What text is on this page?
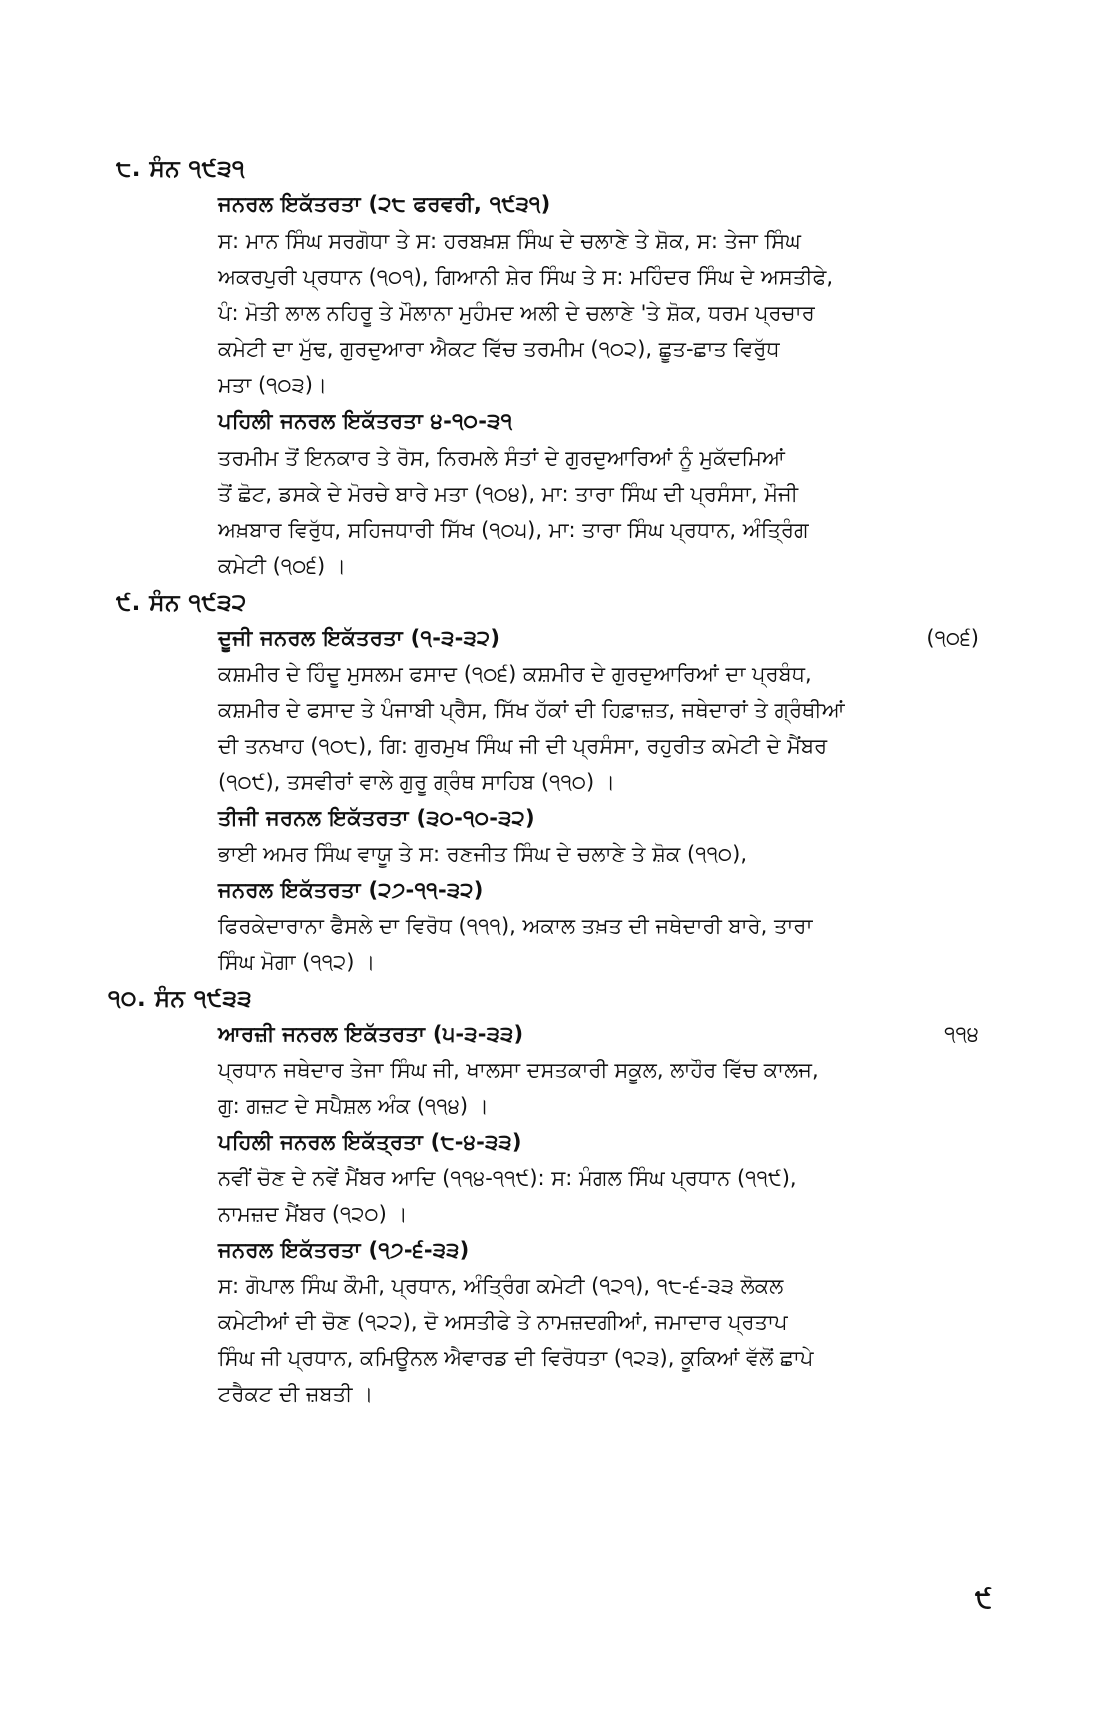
੮. ਸੰਨ ੧੯੩੧
ਜਨਰਲ ਇਕੱਤਰਤਾ (੨੮ ਫਰਵਰੀ, ੧੯੩੧)
ਸ: ਮਾਨ ਸਿੰਘ ਸਰਗੋਧਾ ਤੇ ਸ: ਹਰਬਖ਼ਸ਼ ਸਿੰਘ ਦੇ ਚਲਾਣੇ ਤੇ ਸ਼ੋਕ, ਸ: ਤੇਜਾ ਸਿੰਘ
ਅਕਰਪੁਰੀ ਪ੍ਰਧਾਨ (੧੦੧), ਗਿਆਨੀ ਸ਼ੇਰ ਸਿੰਘ ਤੇ ਸ: ਮਹਿੰਦਰ ਸਿੰਘ ਦੇ ਅਸਤੀਫੇ,
ਪੰ: ਮੋਤੀ ਲਾਲ ਨਹਿਰੂ ਤੇ ਮੌਲਾਨਾ ਮੁਹੰਮਦ ਅਲੀ ਦੇ ਚਲਾਣੇ 'ਤੇ ਸ਼ੋਕ, ਧਰਮ ਪ੍ਰਚਾਰ
ਕਮੇਟੀ ਦਾ ਮੁੱਢ, ਗੁਰਦੁਆਰਾ ਐਕਟ ਵਿੱਚ ਤਰਮੀਮ (੧੦੨), ਛੂਤ-ਛਾਤ ਵਿਰੁੱਧ
ਮਤਾ (੧੦੩)।
ਪਹਿਲੀ ਜਨਰਲ ਇਕੱਤਰਤਾ ੪-੧੦-੩੧
ਤਰਮੀਮ ਤੋਂ ਇਨਕਾਰ ਤੇ ਰੋਸ, ਨਿਰਮਲੇ ਸੰਤਾਂ ਦੇ ਗੁਰਦੁਆਰਿਆਂ ਨੂੰ ਮੁਕੱਦਮਿਆਂ
ਤੋਂ ਛੋਟ, ਡਸਕੇ ਦੇ ਮੋਰਚੇ ਬਾਰੇ ਮਤਾ (੧੦੪), ਮਾ: ਤਾਰਾ ਸਿੰਘ ਦੀ ਪ੍ਰਸੰਸਾ, ਮੌਜੀ
ਅਖ਼ਬਾਰ ਵਿਰੁੱਧ, ਸਹਿਜਧਾਰੀ ਸਿੱਖ (੧੦੫), ਮਾ: ਤਾਰਾ ਸਿੰਘ ਪ੍ਰਧਾਨ, ਅੰਤ੍ਰਿੰਗ
ਕਮੇਟੀ (੧੦੬) ।
੯. ਸੰਨ ੧੯੩੨
ਦੂਜੀ ਜਨਰਲ ਇਕੱਤਰਤਾ (੧-੩-੩੨)	(੧੦੬)
ਕਸ਼ਮੀਰ ਦੇ ਹਿੰਦੂ ਮੁਸਲਮ ਫਸਾਦ (੧੦੬) ਕਸ਼ਮੀਰ ਦੇ ਗੁਰਦੁਆਰਿਆਂ ਦਾ ਪ੍ਰਬੰਧ,
ਕਸ਼ਮੀਰ ਦੇ ਫਸਾਦ ਤੇ ਪੰਜਾਬੀ ਪ੍ਰੈਸ, ਸਿੱਖ ਹੱਕਾਂ ਦੀ ਹਿਫ਼ਾਜ਼ਤ, ਜਥੇਦਾਰਾਂ ਤੇ ਗ੍ਰੰਥੀਆਂ
ਦੀ ਤਨਖਾਹ (੧੦੮), ਗਿ: ਗੁਰਮੁਖ ਸਿੰਘ ਜੀ ਦੀ ਪ੍ਰਸੰਸਾ, ਰਹੁਰੀਤ ਕਮੇਟੀ ਦੇ ਮੈਂਬਰ
(੧੦੯), ਤਸਵੀਰਾਂ ਵਾਲੇ ਗੁਰੂ ਗ੍ਰੰਥ ਸਾਹਿਬ (੧੧੦) ।
ਤੀਜੀ ਜਰਨਲ ਇਕੱਤਰਤਾ (੩੦-੧੦-੩੨)
ਭਾਈ ਅਮਰ ਸਿੰਘ ਵਾਯੂ ਤੇ ਸ: ਰਣਜੀਤ ਸਿੰਘ ਦੇ ਚਲਾਣੇ ਤੇ ਸ਼ੋਕ (੧੧੦),
ਜਨਰਲ ਇਕੱਤਰਤਾ (੨੭-੧੧-੩੨)
ਫਿਰਕੇਦਾਰਾਨਾ ਫੈਸਲੇ ਦਾ ਵਿਰੋਧ (੧੧੧), ਅਕਾਲ ਤਖ਼ਤ ਦੀ ਜਥੇਦਾਰੀ ਬਾਰੇ, ਤਾਰਾ
ਸਿੰਘ ਮੋਗਾ (੧੧੨) ।
੧੦. ਸੰਨ ੧੯੩੩
ਆਰਜ਼ੀ ਜਨਰਲ ਇਕੱਤਰਤਾ (੫-੩-੩੩)	੧੧੪
ਪ੍ਰਧਾਨ ਜਥੇਦਾਰ ਤੇਜਾ ਸਿੰਘ ਜੀ, ਖਾਲਸਾ ਦਸਤਕਾਰੀ ਸਕੂਲ, ਲਾਹੌਰ ਵਿੱਚ ਕਾਲਜ,
ਗੁ: ਗਜ਼ਟ ਦੇ ਸਪੈਸ਼ਲ ਅੰਕ (੧੧੪) ।
ਪਹਿਲੀ ਜਨਰਲ ਇਕੱਤ੍ਰਤਾ (੮-੪-੩੩)
ਨਵੀਂ ਚੋਣ ਦੇ ਨਵੇਂ ਮੈਂਬਰ ਆਦਿ (੧੧੪-੧੧੯): ਸ: ਮੰਗਲ ਸਿੰਘ ਪ੍ਰਧਾਨ (੧੧੯),
ਨਾਮਜ਼ਦ ਮੈਂਬਰ (੧੨੦) ।
ਜਨਰਲ ਇਕੱਤਰਤਾ (੧੭-੬-੩੩)
ਸ: ਗੋਪਾਲ ਸਿੰਘ ਕੌਮੀ, ਪ੍ਰਧਾਨ, ਅੰਤ੍ਰਿੰਗ ਕਮੇਟੀ (੧੨੧), ੧੮-੬-੩੩ ਲੋਕਲ
ਕਮੇਟੀਆਂ ਦੀ ਚੋਣ (੧੨੨), ਦੋ ਅਸਤੀਫੇ ਤੇ ਨਾਮਜ਼ਦਗੀਆਂ, ਜਮਾਦਾਰ ਪ੍ਰਤਾਪ
ਸਿੰਘ ਜੀ ਪ੍ਰਧਾਨ, ਕਮਿਊਨਲ ਐਵਾਰਡ ਦੀ ਵਿਰੋਧਤਾ (੧੨੩), ਕੂਕਿਆਂ ਵੱਲੋਂ ਛਾਪੇ
ਟਰੈਕਟ ਦੀ ਜ਼ਬਤੀ ।
੯
